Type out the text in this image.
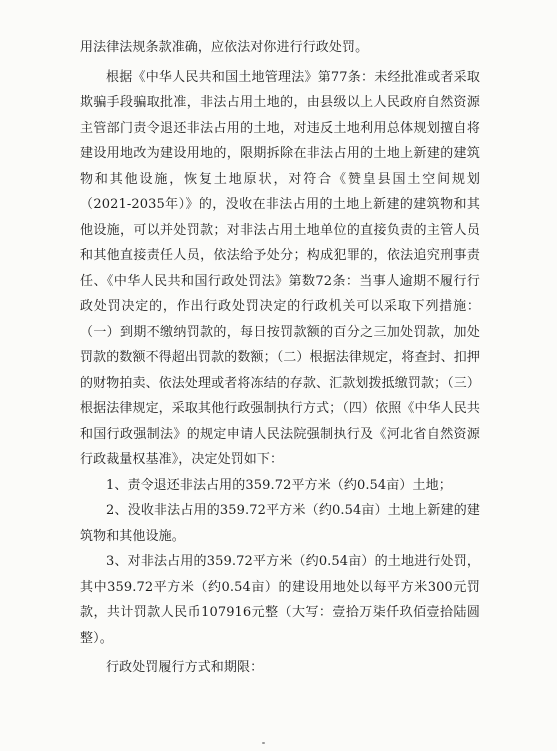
用法律法规条款准确，应依法对你进行行政处罚。

根据《中华人民共和国土地管理法》第77条：未经批准或者采取欺骗手段骗取批准，非法占用土地的，由县级以上人民政府自然资源主管部门责令退还非法占用的土地，对违反土地利用总体规划擅自将建设用地改为建设用地的，限期拆除在非法占用的土地上新建的建筑物和其他设施，恢复土地原状，对符合《赞皇县国土空间规划（2021-2035年）》的，没收在非法占用的土地上新建的建筑物和其他设施，可以并处罚款；对非法占用土地单位的直接负责的主管人员和其他直接责任人员，依法给予处分；构成犯罪的，依法追究刑事责任、《中华人民共和国行政处罚法》第数72条：当事人逾期不履行行政处罚决定的，作出行政处罚决定的行政机关可以采取下列措施：（一）到期不缴纳罚款的，每日按罚款额的百分之三加处罚款，加处罚款的数额不得超出罚款的数额；（二）根据法律规定，将查封、扣押的财物拍卖、依法处理或者将冻结的存款、汇款划拨抵缴罚款；（三）根据法律规定，采取其他行政强制执行方式；（四）依照《中华人民共和国行政强制法》的规定申请人民法院强制执行及《河北省自然资源行政裁量权基准》，决定处罚如下：

1、责令退还非法占用的359.72平方米（约0.54亩）土地；

2、没收非法占用的359.72平方米（约0.54亩）土地上新建的建筑物和其他设施。

3、对非法占用的359.72平方米（约0.54亩）的土地进行处罚，其中359.72平方米（约0.54亩）的建设用地处以每平方米300元罚款，共计罚款人民币107916元整（大写：壹拾万柒仟玖佰壹拾陆圆整）。

行政处罚履行方式和期限：
